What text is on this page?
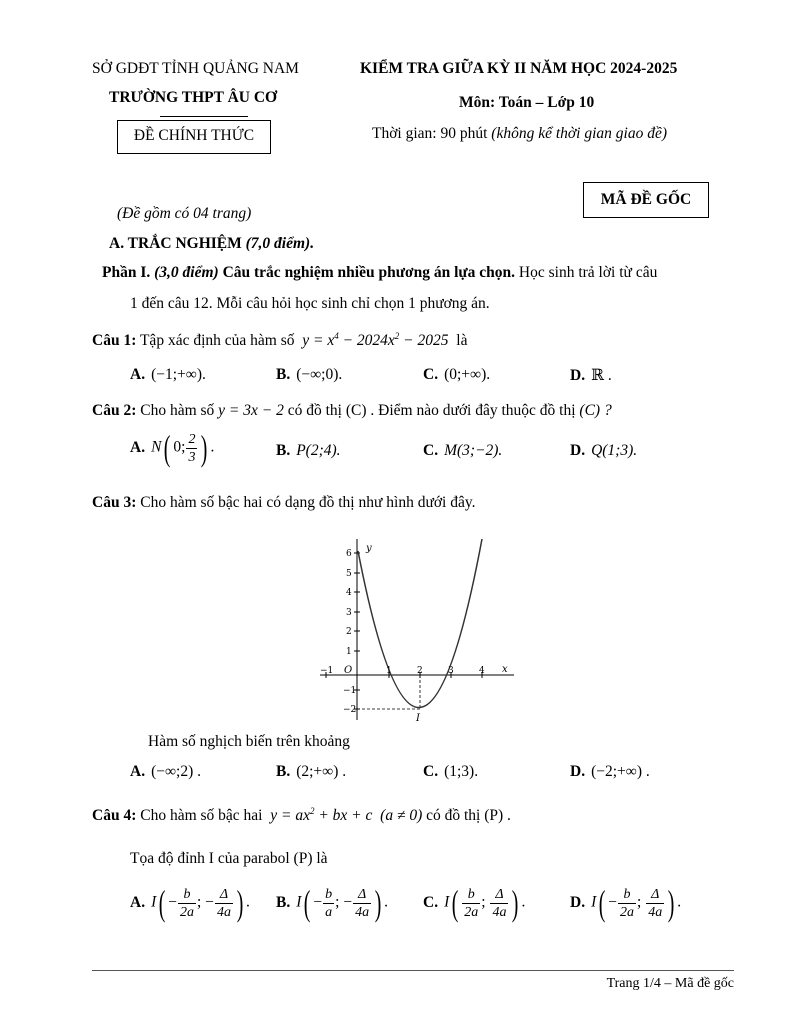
SỞ GDĐT TỈNH QUẢNG NAM
TRƯỜNG THPT ÂU CƠ
ĐỀ CHÍNH THỨC
KIỂM TRA GIỮA KỲ II NĂM HỌC 2024-2025
Môn: Toán – Lớp 10
Thời gian: 90 phút (không kể thời gian giao đề)
MÃ ĐỀ GỐC
(Đề gồm có 04 trang)
A. TRẮC NGHIỆM (7,0 điểm).
Phần I. (3,0 điểm) Câu trắc nghiệm nhiều phương án lựa chọn. Học sinh trả lời từ câu
1 đến câu 12. Mỗi câu hỏi học sinh chỉ chọn 1 phương án.
Câu 1: Tập xác định của hàm số  $y = x^4 - 2024x^2 - 2025$  là
A. (−1;+∞).	B. (−∞;0).	C. (0;+∞).	D. ℝ .
Câu 2: Cho hàm số y = 3x − 2 có đồ thị (C) . Điểm nào dưới đây thuộc đồ thị (C) ?
A. N( 0; $\frac{2}{3}$ ) .	B. P(2;4).	C. M(3;−2).	D. Q(1;3).
Câu 3: Cho hàm số bậc hai có dạng đồ thị như hình dưới đây.
y
x
O
I
−1	1	2	3	4
−2
−1
1
2
3
4
5
6
Hàm số nghịch biến trên khoảng
A. (−∞;2) .	B. (2;+∞) .	C. (1;3).	D. (−2;+∞) .
Câu 4: Cho hàm số bậc hai  $y = ax^2$ + bx + c  (a ≠ 0) có đồ thị (P) .
Tọa độ đỉnh I của parabol (P) là
A. $I( - \frac{b}{2a}$ ; − $\frac{\Delta}{4a}$ ) . B. $I( - \frac{b}{a}$ ; − $\frac{\Delta}{4a}$ ) . C. $I( \frac{b}{2a}$ ; $\frac{\Delta}{4a}$ ) .	D. $I( - \frac{b}{2a}$ ; $\frac{\Delta}{4a}$ ) .
Trang 1/4 – Mã đề gốc
